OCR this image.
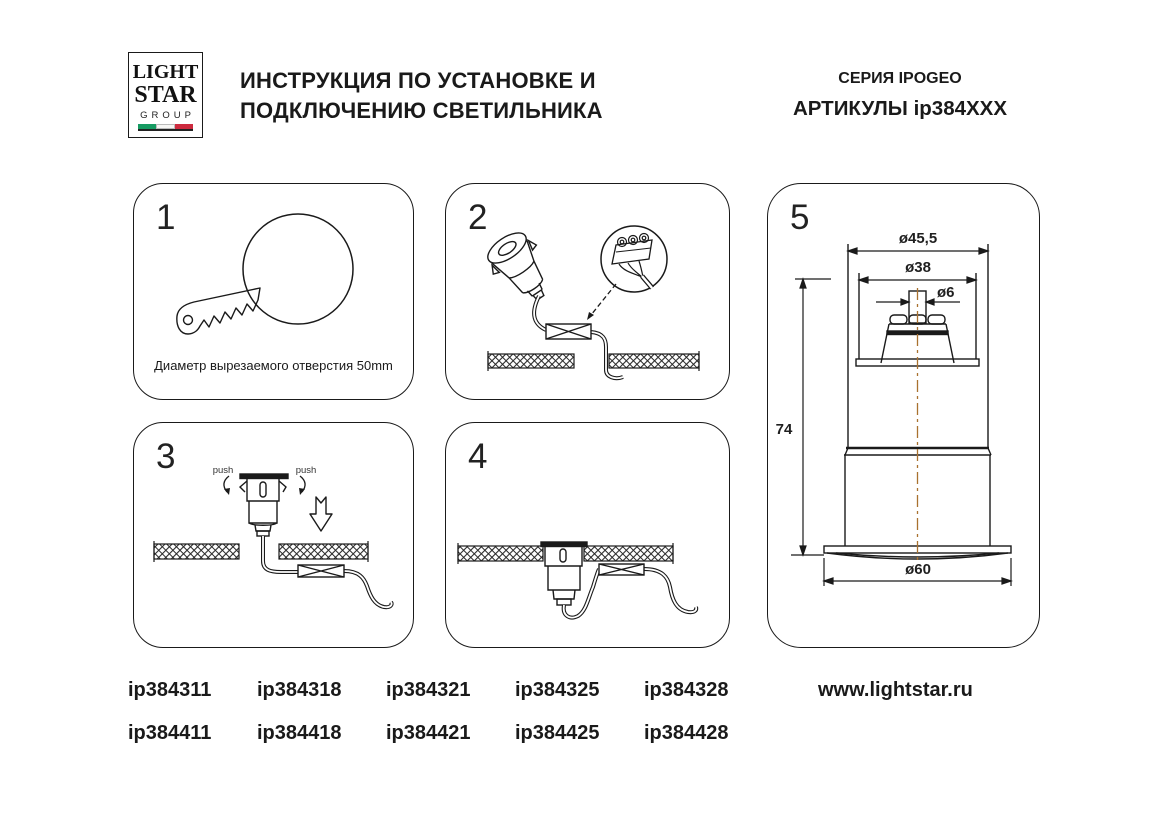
LIGHT
STAR
GROUP
ИНСТРУКЦИЯ ПО УСТАНОВКЕ И
ПОДКЛЮЧЕНИЮ СВЕТИЛЬНИКА
СЕРИЯ IPOGEO
АРТИКУЛЫ ip384XXX
1
Диаметр вырезаемого отверстия 50mm
2
3	push	push	4
5
ø45,5
ø38
ø6
74
ø60
ip384311 ip384318 ip384321 ip384325 ip384328
ip384411 ip384418 ip384421 ip384425 ip384428
www.lightstar.ru
